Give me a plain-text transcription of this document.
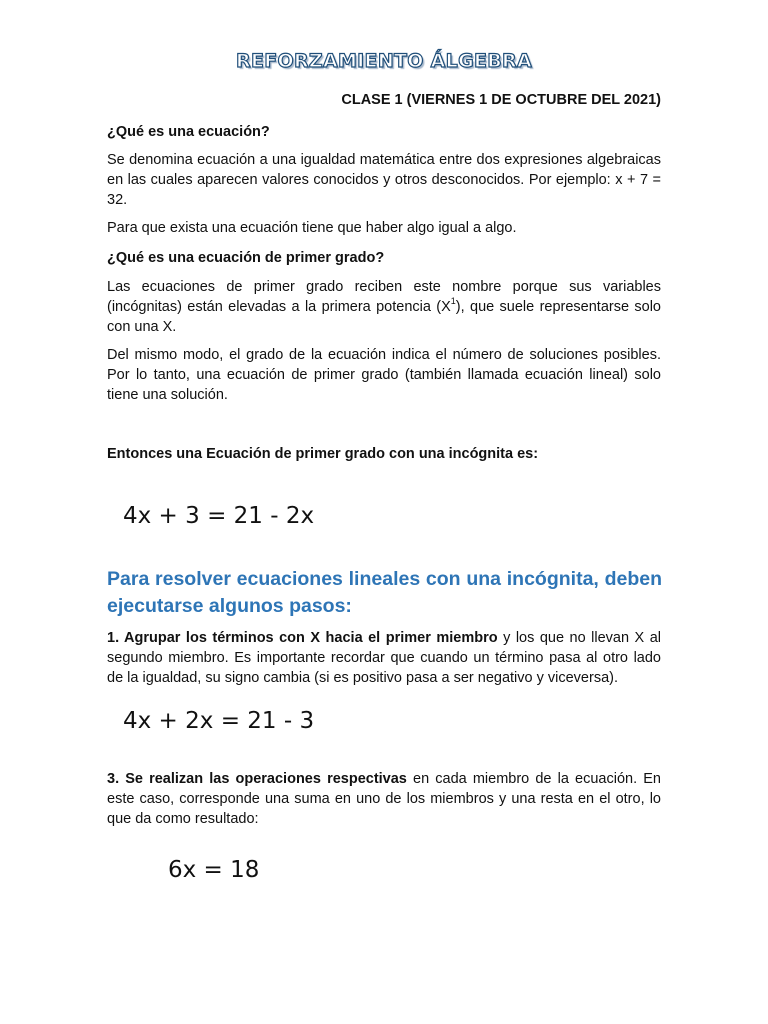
REFORZAMIENTO ÁLGEBRA
CLASE 1 (VIERNES 1 DE OCTUBRE DEL 2021)
¿Qué es una ecuación?
Se denomina ecuación a una igualdad matemática entre dos expresiones algebraicas en las cuales aparecen valores conocidos y otros desconocidos. Por ejemplo: x + 7 = 32.
Para que exista una ecuación tiene que haber algo igual a algo.
¿Qué es una ecuación de primer grado?
Las ecuaciones de primer grado reciben este nombre porque sus variables (incógnitas) están elevadas a la primera potencia $(X^1)$, que suele representarse solo con una X.
Del mismo modo, el grado de la ecuación indica el número de soluciones posibles. Por lo tanto, una ecuación de primer grado (también llamada ecuación lineal) solo tiene una solución.
Entonces una Ecuación de primer grado con una incógnita es:
4x + 3 = 21 - 2x
Para resolver ecuaciones lineales con una incógnita, deben ejecutarse algunos pasos:
1. Agrupar los términos con X hacia el primer miembro y los que no llevan X al segundo miembro. Es importante recordar que cuando un término pasa al otro lado de la igualdad, su signo cambia (si es positivo pasa a ser negativo y viceversa).
4x + 2x = 21 - 3
3. Se realizan las operaciones respectivas en cada miembro de la ecuación. En este caso, corresponde una suma en uno de los miembros y una resta en el otro, lo que da como resultado:
6x = 18
